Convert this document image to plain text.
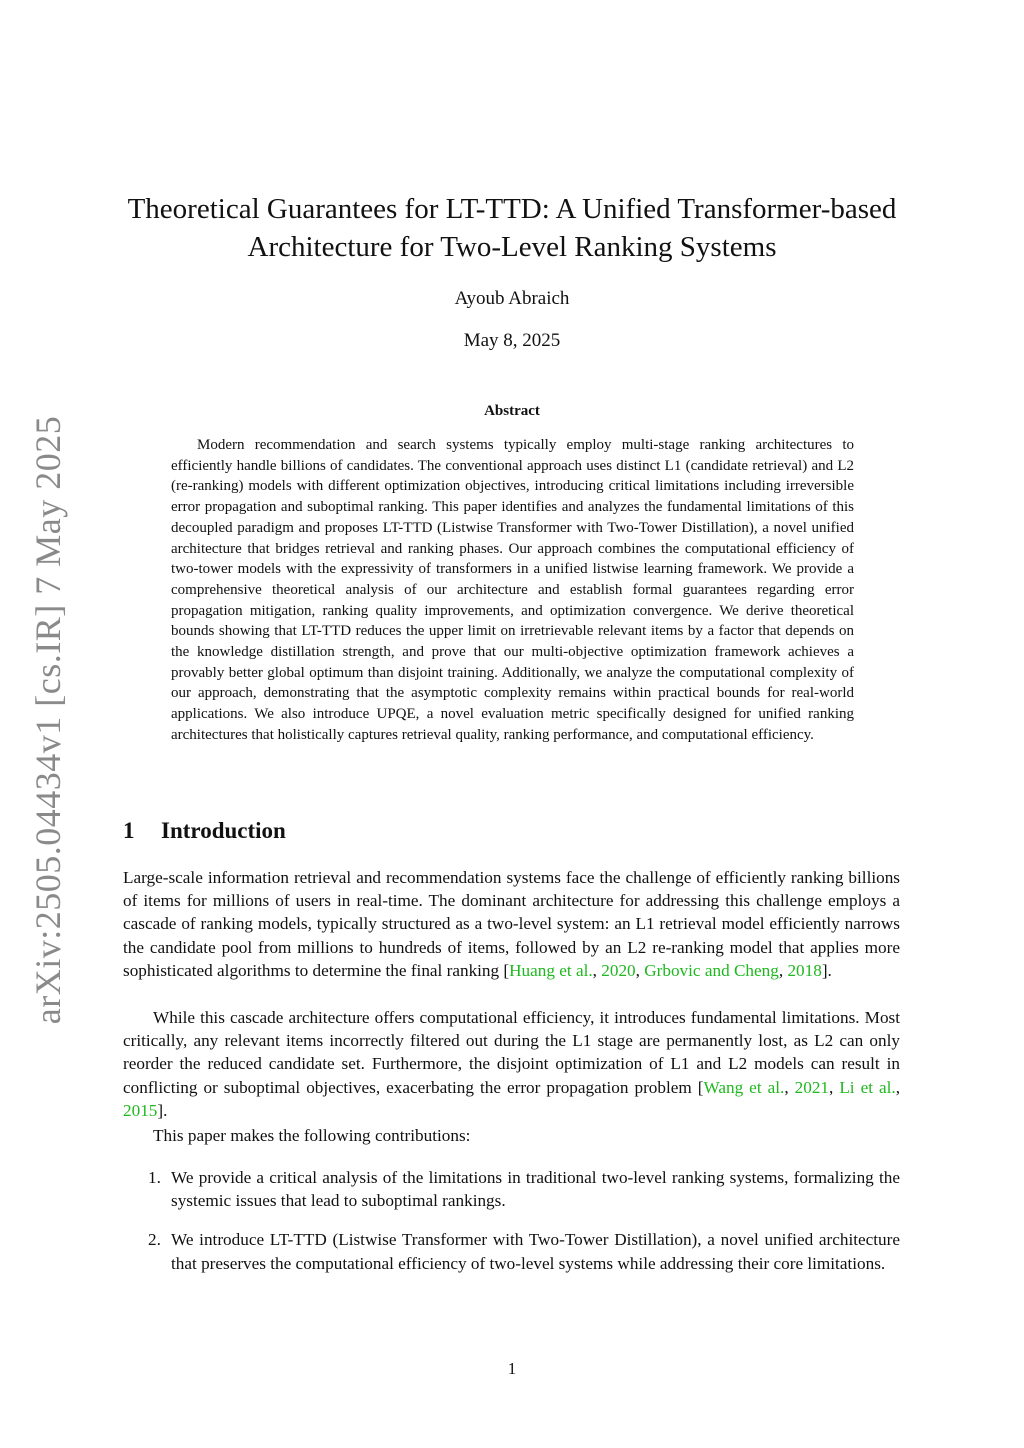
arXiv:2505.04434v1 [cs.IR] 7 May 2025
Theoretical Guarantees for LT-TTD: A Unified Transformer-based Architecture for Two-Level Ranking Systems
Ayoub Abraich
May 8, 2025
Abstract

Modern recommendation and search systems typically employ multi-stage ranking architectures to efficiently handle billions of candidates. The conventional approach uses distinct L1 (candidate retrieval) and L2 (re-ranking) models with different optimization objectives, introducing critical limitations including irreversible error propagation and suboptimal ranking. This paper identifies and analyzes the fundamental limitations of this decoupled paradigm and proposes LT-TTD (Listwise Transformer with Two-Tower Distillation), a novel unified architecture that bridges retrieval and ranking phases. Our approach combines the computational efficiency of two-tower models with the expressivity of transformers in a unified listwise learning framework. We provide a comprehensive theoretical analysis of our architecture and establish formal guarantees regarding error propagation mitigation, ranking quality improvements, and optimization convergence. We derive theoretical bounds showing that LT-TTD reduces the upper limit on irretrievable relevant items by a factor that depends on the knowledge distillation strength, and prove that our multi-objective optimization framework achieves a provably better global optimum than disjoint training. Additionally, we analyze the computational complexity of our approach, demonstrating that the asymptotic complexity remains within practical bounds for real-world applications. We also introduce UPQE, a novel evaluation metric specifically designed for unified ranking architectures that holistically captures retrieval quality, ranking performance, and computational efficiency.

1 Introduction

Large-scale information retrieval and recommendation systems face the challenge of efficiently ranking billions of items for millions of users in real-time. The dominant architecture for addressing this challenge employs a cascade of ranking models, typically structured as a two-level system: an L1 retrieval model efficiently narrows the candidate pool from millions to hundreds of items, followed by an L2 re-ranking model that applies more sophisticated algorithms to determine the final ranking [Huang et al., 2020, Grbovic and Cheng, 2018].

While this cascade architecture offers computational efficiency, it introduces fundamental limitations. Most critically, any relevant items incorrectly filtered out during the L1 stage are permanently lost, as L2 can only reorder the reduced candidate set. Furthermore, the disjoint optimization of L1 and L2 models can result in conflicting or suboptimal objectives, exacerbating the error propagation problem [Wang et al., 2021, Li et al., 2015].

This paper makes the following contributions:

1. We provide a critical analysis of the limitations in traditional two-level ranking systems, formalizing the systemic issues that lead to suboptimal rankings.
2. We introduce LT-TTD (Listwise Transformer with Two-Tower Distillation), a novel unified architecture that preserves the computational efficiency of two-level systems while addressing their core limitations.
1
